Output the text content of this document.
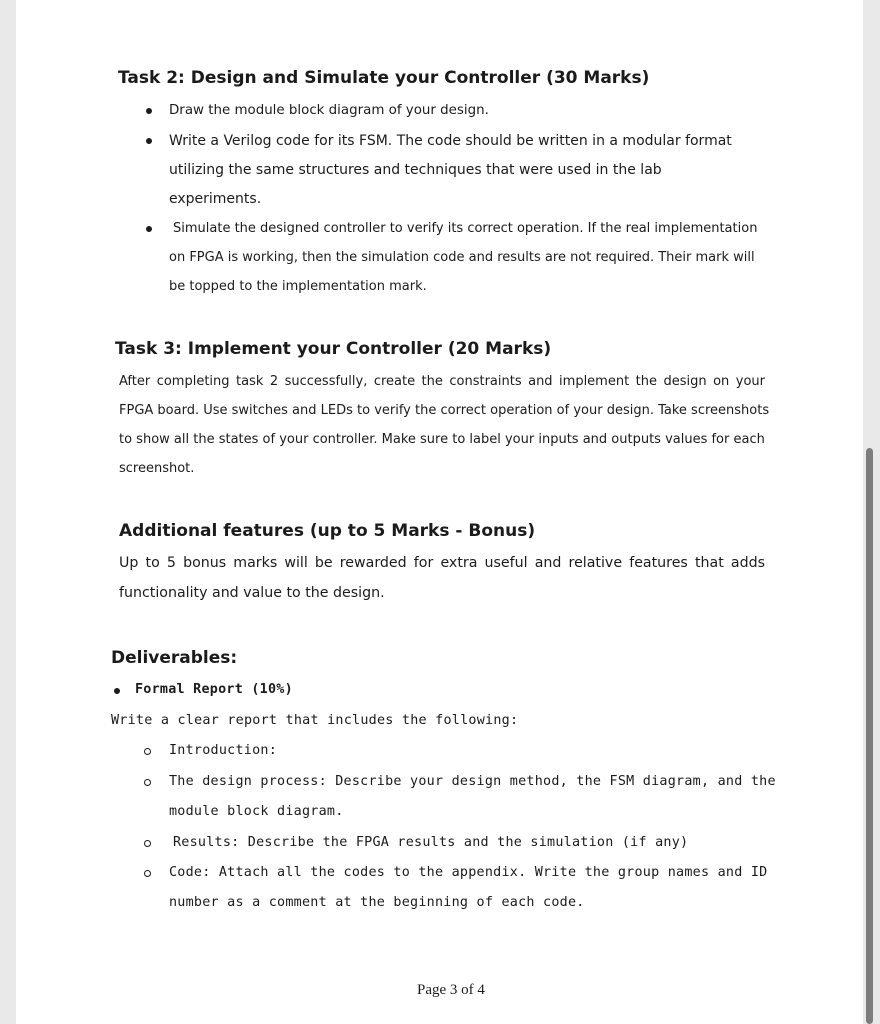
Task 2: Design and Simulate your Controller (30 Marks)
Draw the module block diagram of your design.
Write a Verilog code for its FSM. The code should be written in a modular format
utilizing the same structures and techniques that were used in the lab
experiments.
Simulate the designed controller to verify its correct operation. If the real implementation
on FPGA is working, then the simulation code and results are not required. Their mark will
be topped to the implementation mark.
Task 3: Implement your Controller (20 Marks)
After completing task 2 successfully, create the constraints and implement the design on your
FPGA board. Use switches and LEDs to verify the correct operation of your design. Take screenshots
to show all the states of your controller. Make sure to label your inputs and outputs values for each
screenshot.
Additional features (up to 5 Marks - Bonus)
Up to 5 bonus marks will be rewarded for extra useful and relative features that adds
functionality and value to the design.
Deliverables:
Formal Report (10%)
Write a clear report that includes the following:
Introduction:
The design process: Describe your design method, the FSM diagram, and the
module block diagram.
Results: Describe the FPGA results and the simulation (if any)
Code: Attach all the codes to the appendix. Write the group names and ID
number as a comment at the beginning of each code.
Page 3 of 4
